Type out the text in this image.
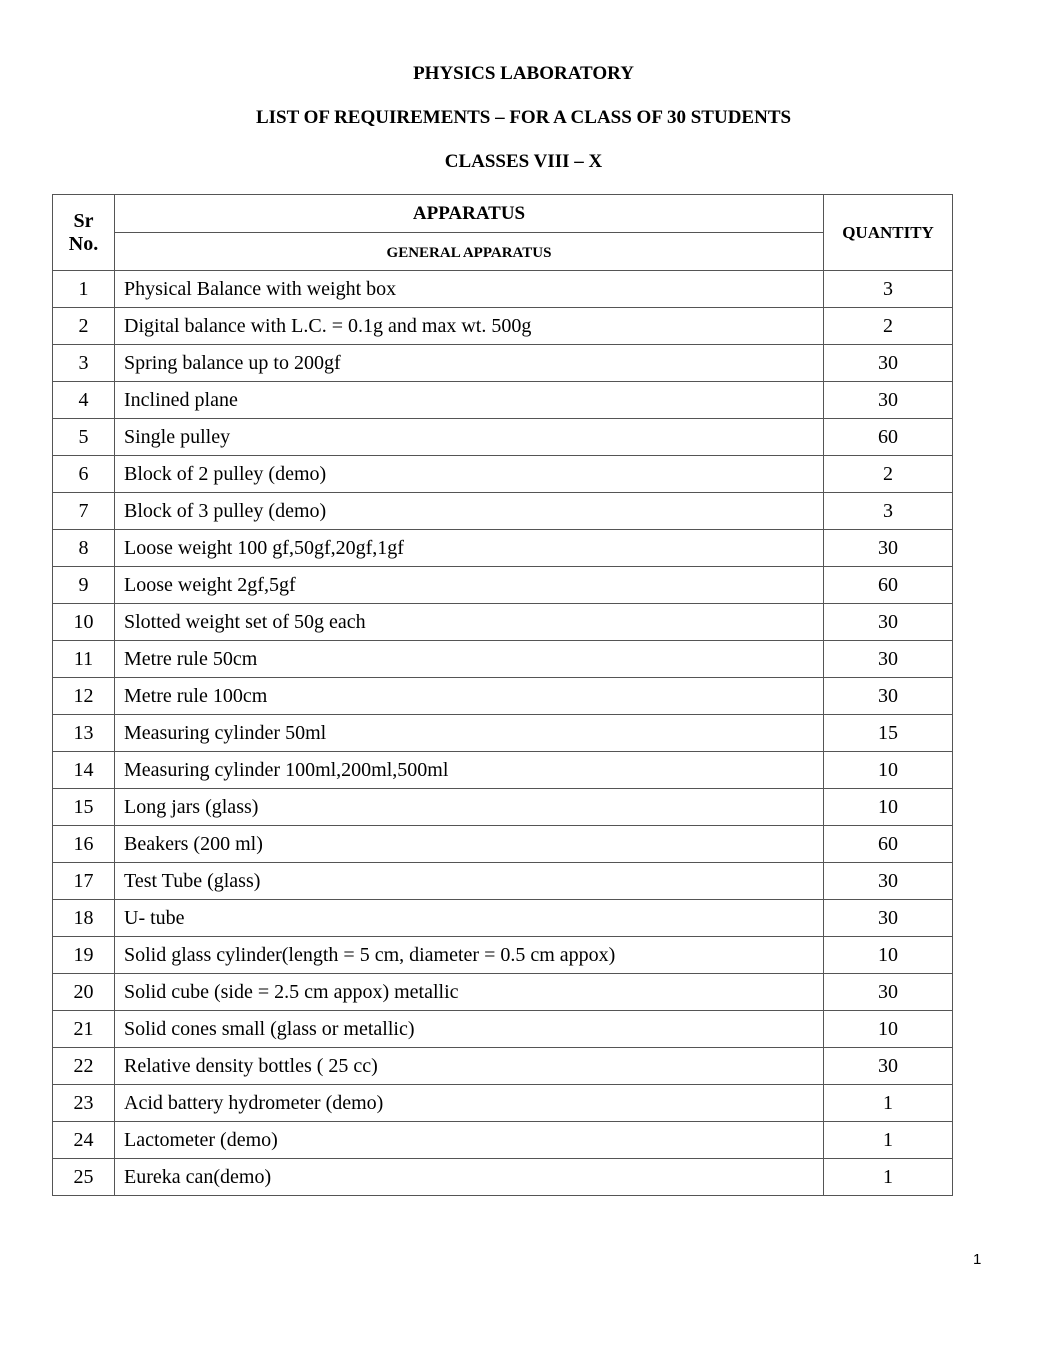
PHYSICS LABORATORY

LIST OF REQUIREMENTS – FOR A CLASS OF 30 STUDENTS

CLASSES VIII – X

Sr
No.	APPARATUS	QUANTITY
	GENERAL APPARATUS	
1	Physical Balance with weight box	3
2	Digital balance with L.C. = 0.1g and max wt. 500g	2
3	Spring balance up to 200gf	30
4	Inclined plane	30
5	Single pulley	60
6	Block of 2 pulley (demo)	2
7	Block of 3 pulley (demo)	3
8	Loose weight 100 gf,50gf,20gf,1gf	30
9	Loose weight 2gf,5gf	60
10	Slotted weight set of 50g each	30
11	Metre rule 50cm	30
12	Metre rule 100cm	30
13	Measuring cylinder 50ml	15
14	Measuring cylinder 100ml,200ml,500ml	10
15	Long jars (glass)	10
16	Beakers (200 ml)	60
17	Test Tube (glass)	30
18	U- tube	30
19	Solid glass cylinder(length = 5 cm, diameter = 0.5 cm appox)	10
20	Solid cube (side = 2.5 cm appox) metallic	30
21	Solid cones small (glass or metallic)	10
22	Relative density bottles ( 25 cc)	30
23	Acid battery hydrometer (demo)	1
24	Lactometer (demo)	1
25	Eureka can(demo)	1

1
